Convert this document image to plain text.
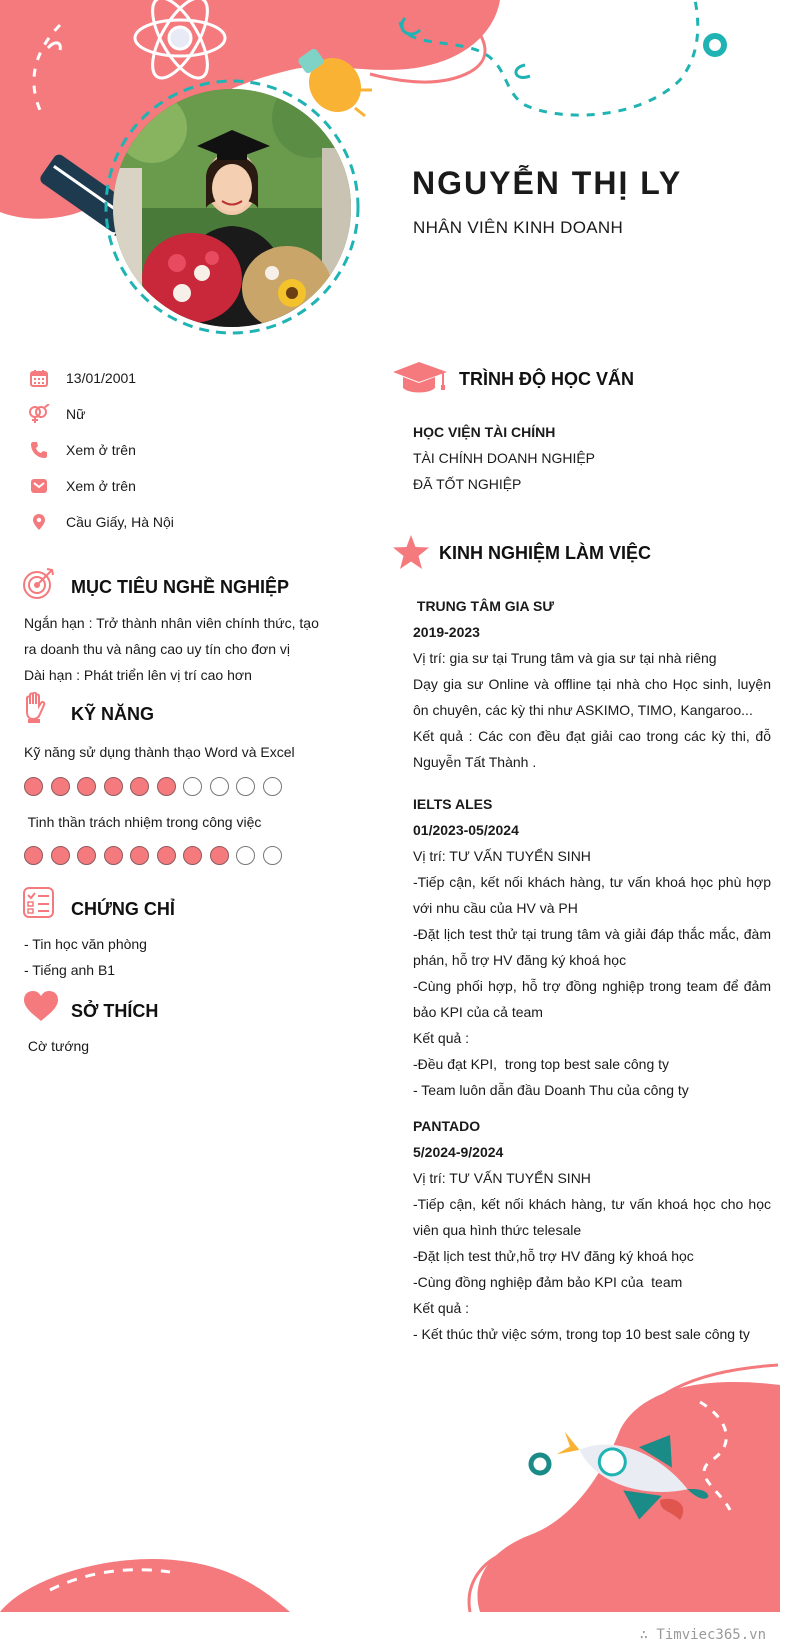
NGUYỄN THỊ LY
NHÂN VIÊN KINH DOANH
13/01/2001
Nữ
Xem ở trên
Xem ở trên
Cầu Giấy, Hà Nội
MỤC TIÊU NGHỀ NGHIỆP
Ngắn hạn : Trở thành nhân viên chính thức, tạo
ra doanh thu và nâng cao uy tín cho đơn vị
Dài hạn : Phát triển lên vị trí cao hơn
KỸ NĂNG
Kỹ năng sử dụng thành thạo Word và Excel
Tinh thần trách nhiệm trong công việc
CHỨNG CHỈ
- Tin học văn phòng
- Tiếng anh B1
SỞ THÍCH
Cờ tướng
TRÌNH ĐỘ HỌC VẤN
HỌC VIỆN TÀI CHÍNH
TÀI CHÍNH DOANH NGHIỆP
ĐÃ TỐT NGHIỆP
KINH NGHIỆM LÀM VIỆC
TRUNG TÂM GIA SƯ
2019-2023
Vị trí: gia sư tại Trung tâm và gia sư tại nhà riêng
Dạy gia sư Online và offline tại nhà cho Học sinh, luyện ôn chuyên, các kỳ thi như ASKIMO, TIMO, Kangaroo...
Kết quả : Các con đều đạt giải cao trong các kỳ thi, đỗ Nguyễn Tất Thành .
IELTS ALES
01/2023-05/2024
Vị trí: TƯ VẤN TUYỂN SINH
-Tiếp cận, kết nối khách hàng, tư vấn khoá học phù hợp với nhu cầu của HV và PH
-Đặt lịch test thử tại trung tâm và giải đáp thắc mắc, đàm phán, hỗ trợ HV đăng ký khoá học
-Cùng phối hợp, hỗ trợ đồng nghiệp trong team để đảm bảo KPI của cả team
Kết quả :
-Đều đạt KPI,  trong top best sale công ty
- Team luôn dẫn đầu Doanh Thu của công ty
PANTADO
5/2024-9/2024
Vị trí: TƯ VẤN TUYỂN SINH
-Tiếp cận, kết nối khách hàng, tư vấn khoá học cho học viên qua hình thức telesale
-Đặt lịch test thử,hỗ trợ HV đăng ký khoá học
-Cùng đồng nghiệp đảm bảo KPI của  team
Kết quả :
- Kết thúc thử việc sớm, trong top 10 best sale công ty
∴ Timviec365.vn
